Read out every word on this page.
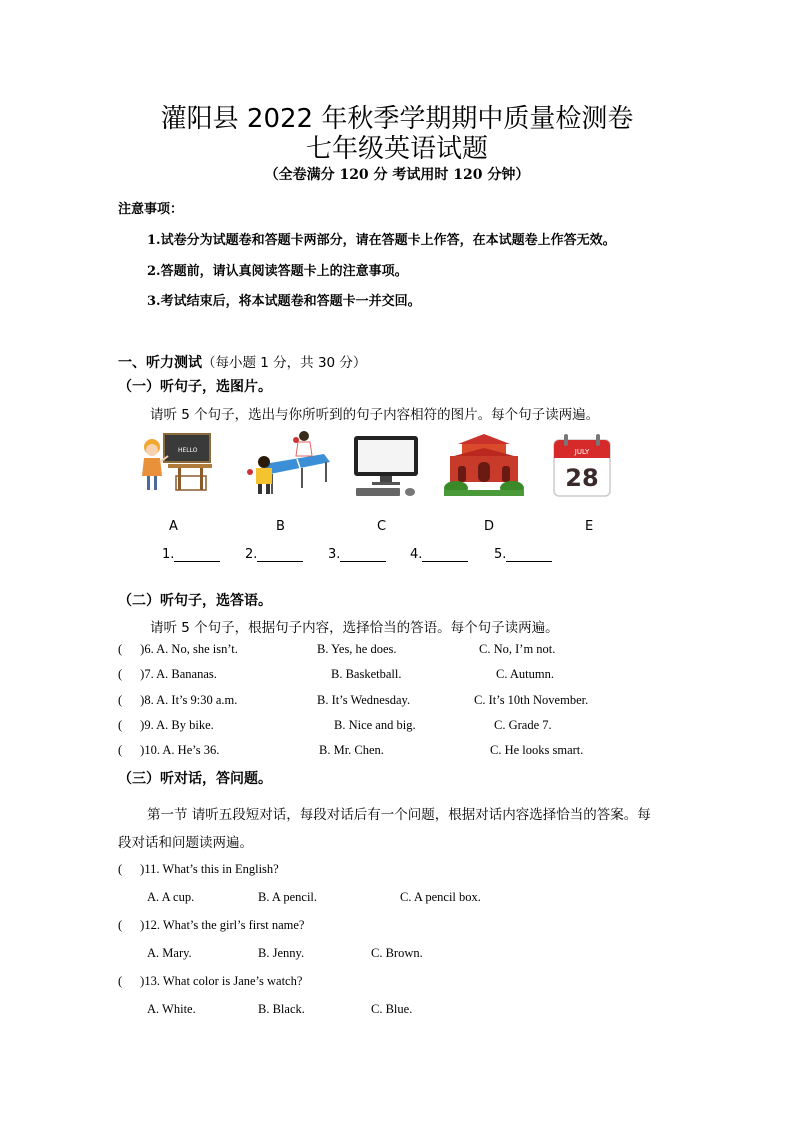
灌阳县 2022 年秋季学期期中质量检测卷
七年级英语试题
（全卷满分 120 分 考试用时 120 分钟）
注意事项：
1.试卷分为试题卷和答题卡两部分，请在答题卡上作答，在本试题卷上作答无效。
2.答题前，请认真阅读答题卡上的注意事项。
3.考试结束后，将本试题卷和答题卡一并交回。
一、听力测试（每小题 1 分，共 30 分）
（一）听句子，选图片。
请听 5 个句子，选出与你所听到的句子内容相符的图片。每个句子读两遍。
HELLO	JULY
28
A	B	C	D	E
1.	2.	3.	4.	5.
（二）听句子，选答语。
请听 5 个句子，根据句子内容，选择恰当的答语。每个句子读两遍。
( )6. A. No, she isn’t.	B. Yes, he does.	C. No, I’m not.
( )7. A. Bananas.	B. Basketball.	C. Autumn.
( )8. A. It’s 9:30 a.m.	B. It’s Wednesday.	C. It’s 10th November.
( )9. A. By bike.	B. Nice and big.	C. Grade 7.
( )10. A. He’s 36.	B. Mr. Chen.	C. He looks smart.
（三）听对话，答问题。
第一节 请听五段短对话，每段对话后有一个问题，根据对话内容选择恰当的答案。每
段对话和问题读两遍。
( )11. What’s this in English?
A. A cup.	B. A pencil.	C. A pencil box.
( )12. What’s the girl’s first name?
A. Mary.	B. Jenny.	C. Brown.
( )13. What color is Jane’s watch?
A. White.	B. Black.	C. Blue.
